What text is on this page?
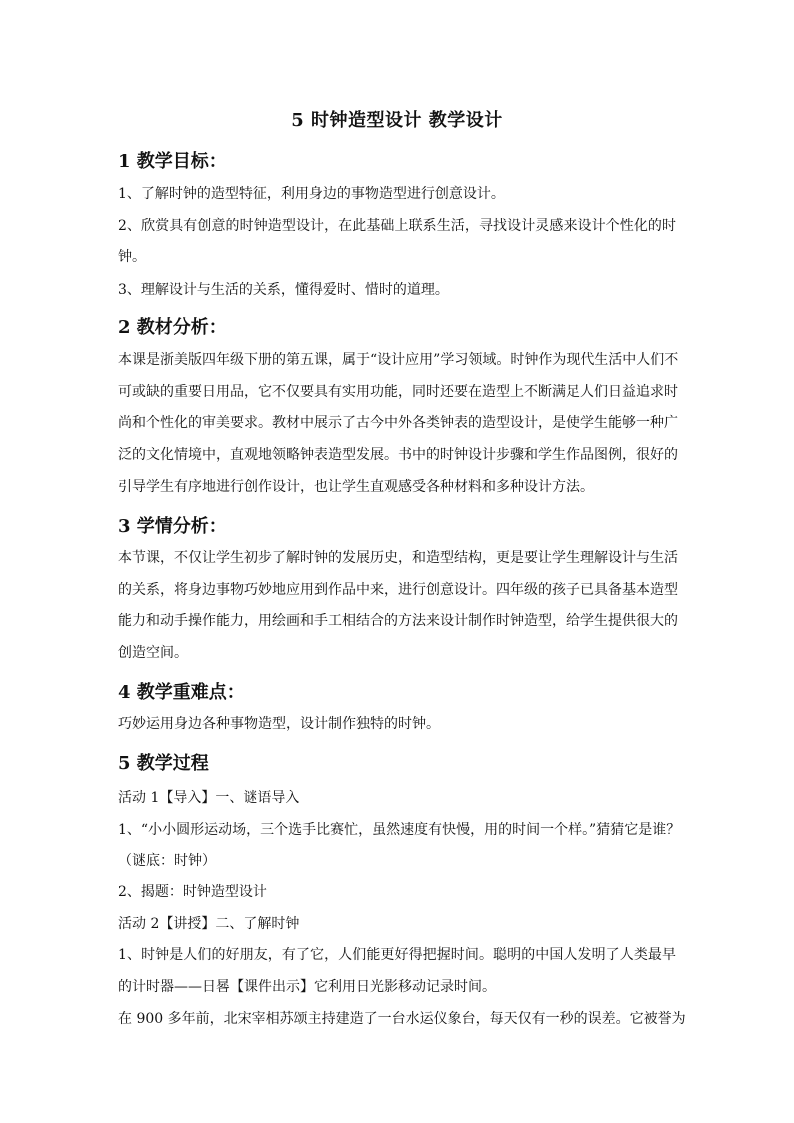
5 时钟造型设计 教学设计
1 教学目标：
1、了解时钟的造型特征，利用身边的事物造型进行创意设计。
2、欣赏具有创意的时钟造型设计，在此基础上联系生活，寻找设计灵感来设计个性化的时
钟。
3、理解设计与生活的关系，懂得爱时、惜时的道理。
2 教材分析：
本课是浙美版四年级下册的第五课，属于“设计应用”学习领域。时钟作为现代生活中人们不
可或缺的重要日用品，它不仅要具有实用功能，同时还要在造型上不断满足人们日益追求时
尚和个性化的审美要求。教材中展示了古今中外各类钟表的造型设计，是使学生能够一种广
泛的文化情境中，直观地领略钟表造型发展。书中的时钟设计步骤和学生作品图例，很好的
引导学生有序地进行创作设计，也让学生直观感受各种材料和多种设计方法。
3 学情分析：
本节课，不仅让学生初步了解时钟的发展历史，和造型结构，更是要让学生理解设计与生活
的关系，将身边事物巧妙地应用到作品中来，进行创意设计。四年级的孩子已具备基本造型
能力和动手操作能力，用绘画和手工相结合的方法来设计制作时钟造型，给学生提供很大的
创造空间。
4 教学重难点：
巧妙运用身边各种事物造型，设计制作独特的时钟。
5 教学过程
活动 1【导入】一、谜语导入
1、“小小圆形运动场，三个选手比赛忙，虽然速度有快慢，用的时间一个样。”猜猜它是谁？
（谜底：时钟）
2、揭题：时钟造型设计
活动 2【讲授】二、了解时钟
1、时钟是人们的好朋友，有了它，人们能更好得把握时间。聪明的中国人发明了人类最早
的计时器——日晷【课件出示】它利用日光影移动记录时间。
在 900 多年前，北宋宰相苏颂主持建造了一台水运仪象台，每天仅有一秒的误差。它被誉为
